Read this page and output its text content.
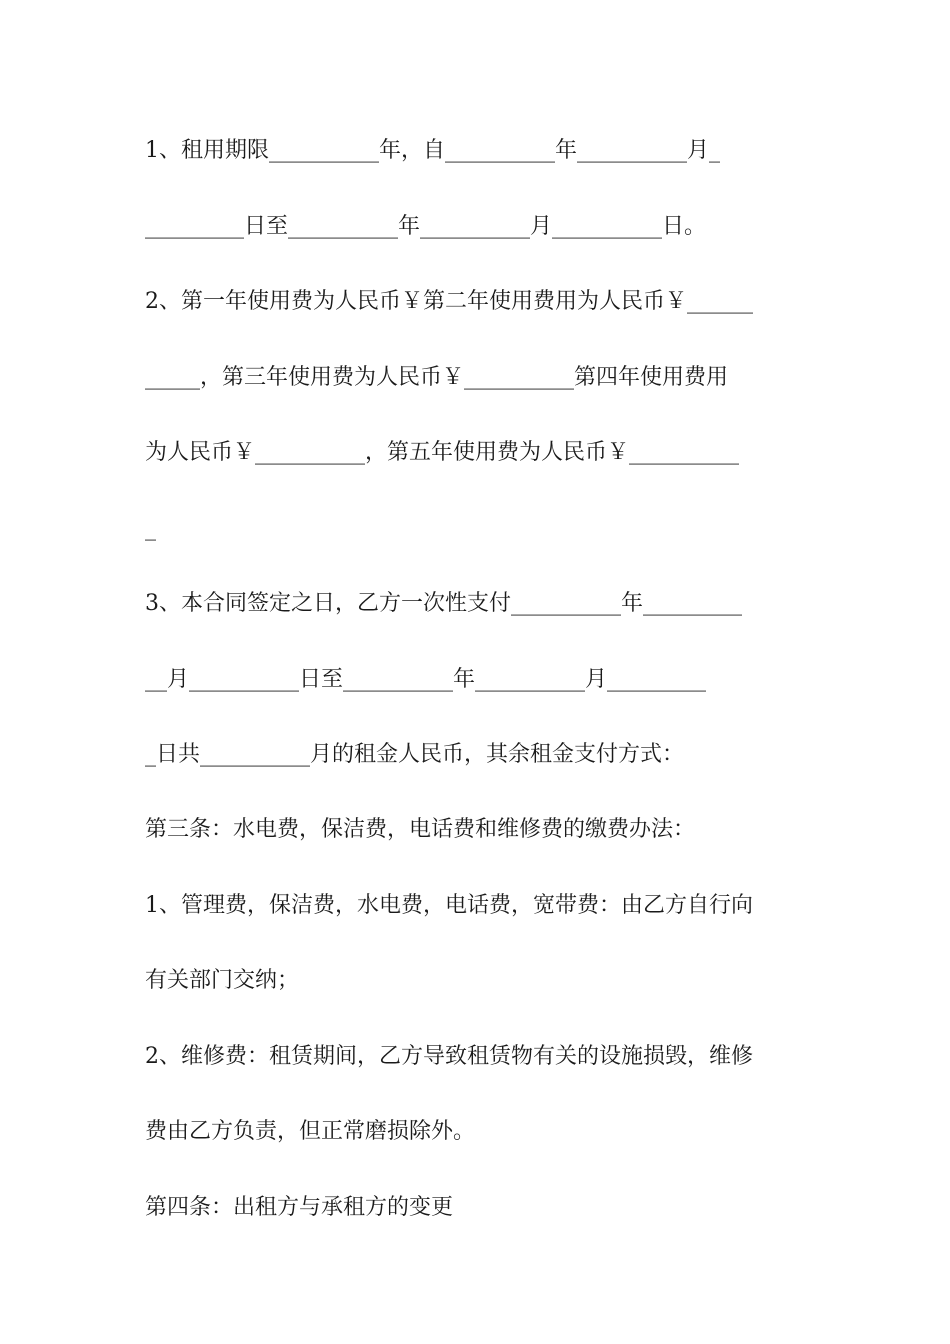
1、租用期限__________年，自__________年__________月_
_________日至__________年__________月__________日。
2、第一年使用费为人民币￥第二年使用费用为人民币￥______
_____，第三年使用费为人民币￥__________第四年使用费用
为人民币￥__________，第五年使用费为人民币￥__________
_
3、本合同签定之日，乙方一次性支付__________年_________
__月__________日至__________年__________月_________
_日共__________月的租金人民币，其余租金支付方式：
第三条：水电费，保洁费，电话费和维修费的缴费办法：
1、管理费，保洁费，水电费，电话费，宽带费：由乙方自行向
有关部门交纳；
2、维修费：租赁期间，乙方导致租赁物有关的设施损毁，维修
费由乙方负责，但正常磨损除外。
第四条：出租方与承租方的变更
